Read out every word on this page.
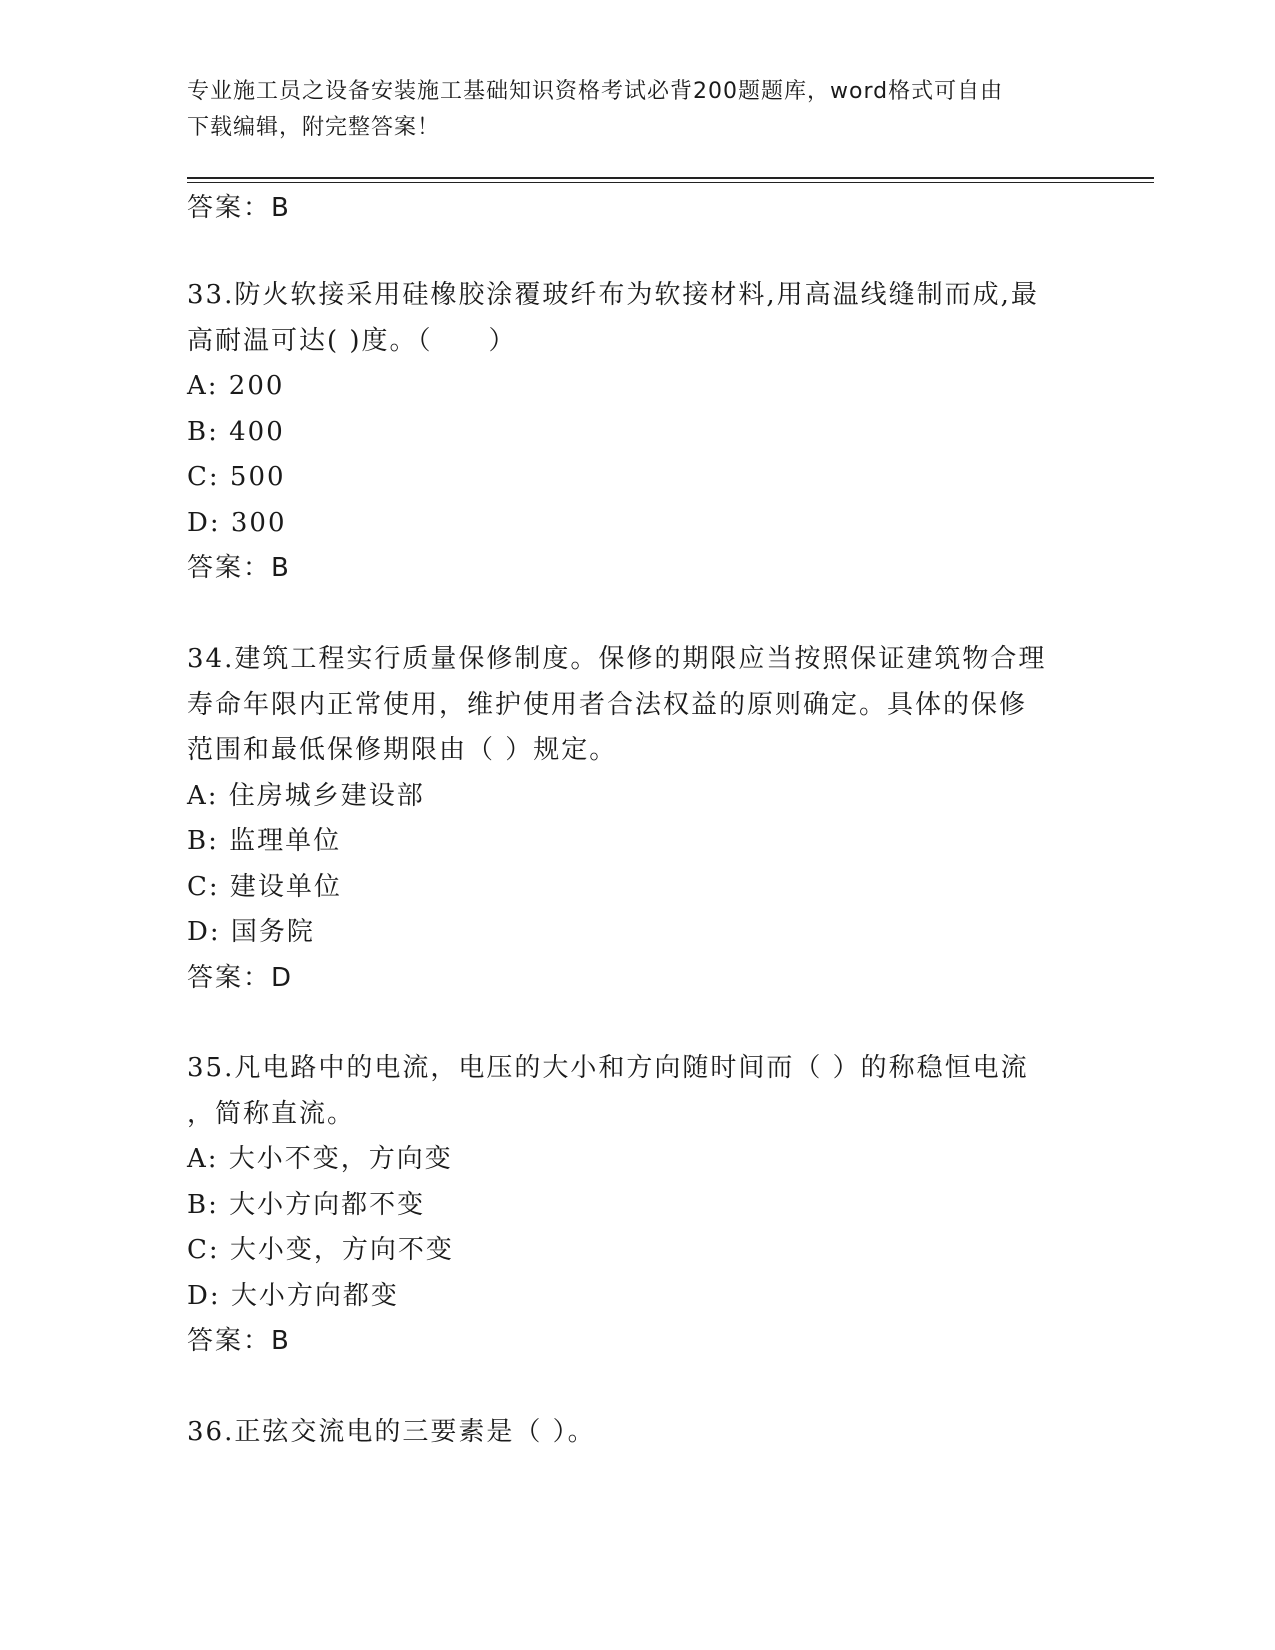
专业施工员之设备安装施工基础知识资格考试必背200题题库，word格式可自由
下载编辑，附完整答案！
答案：B
33.防火软接采用硅橡胶涂覆玻纤布为软接材料,用高温线缝制而成,最
高耐温可达( )度。（　　）
A: 200
B: 400
C: 500
D: 300
答案：B
34.建筑工程实行质量保修制度。保修的期限应当按照保证建筑物合理
寿命年限内正常使用，维护使用者合法权益的原则确定。具体的保修
范围和最低保修期限由（ ）规定。
A: 住房城乡建设部
B: 监理单位
C: 建设单位
D: 国务院
答案：D
35.凡电路中的电流，电压的大小和方向随时间而（ ）的称稳恒电流
，简称直流。
A: 大小不变，方向变
B: 大小方向都不变
C: 大小变，方向不变
D: 大小方向都变
答案：B
36.正弦交流电的三要素是（ ）。
